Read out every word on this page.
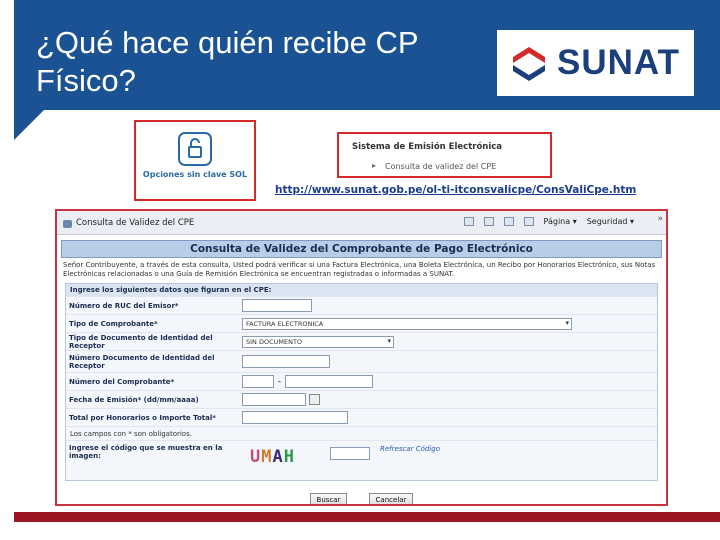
¿Qué hace quién recibe CP Físico?	SUNAT
Opciones sin clave SOL
Sistema de Emisión Electrónica
▸ Consulta de validez del CPE
http://www.sunat.gob.pe/ol-ti-itconsvalicpe/ConsValiCpe.htm
Consulta de Validez del CPE	Página ▾ Seguridad ▾	»
Consulta de Validez del Comprobante de Pago Electrónico
Señor Contribuyente, a través de esta consulta, Usted podrá verificar si una Factura Electrónica, una Boleta Electrónica, un Recibo por Honorarios Electrónico, sus Notas Electrónicas relacionadas o una Guía de Remisión Electrónica se encuentran registradas o informadas a SUNAT.
Ingrese los siguientes datos que figuran en el CPE:
Número de RUC del Emisor*
Tipo de Comprobante*	FACTURA ELECTRONICA ▾
Tipo de Documento de Identidad del Receptor	SIN DOCUMENTO ▾
Número Documento de Identidad del Receptor
Número del Comprobante*	-
Fecha de Emisión* (dd/mm/aaaa)
Total por Honorarios o Importe Total*
Los campos con * son obligatorios.
Ingrese el código que se muestra en la imagen:	UMAH	Refrescar Código
Buscar	Cancelar
